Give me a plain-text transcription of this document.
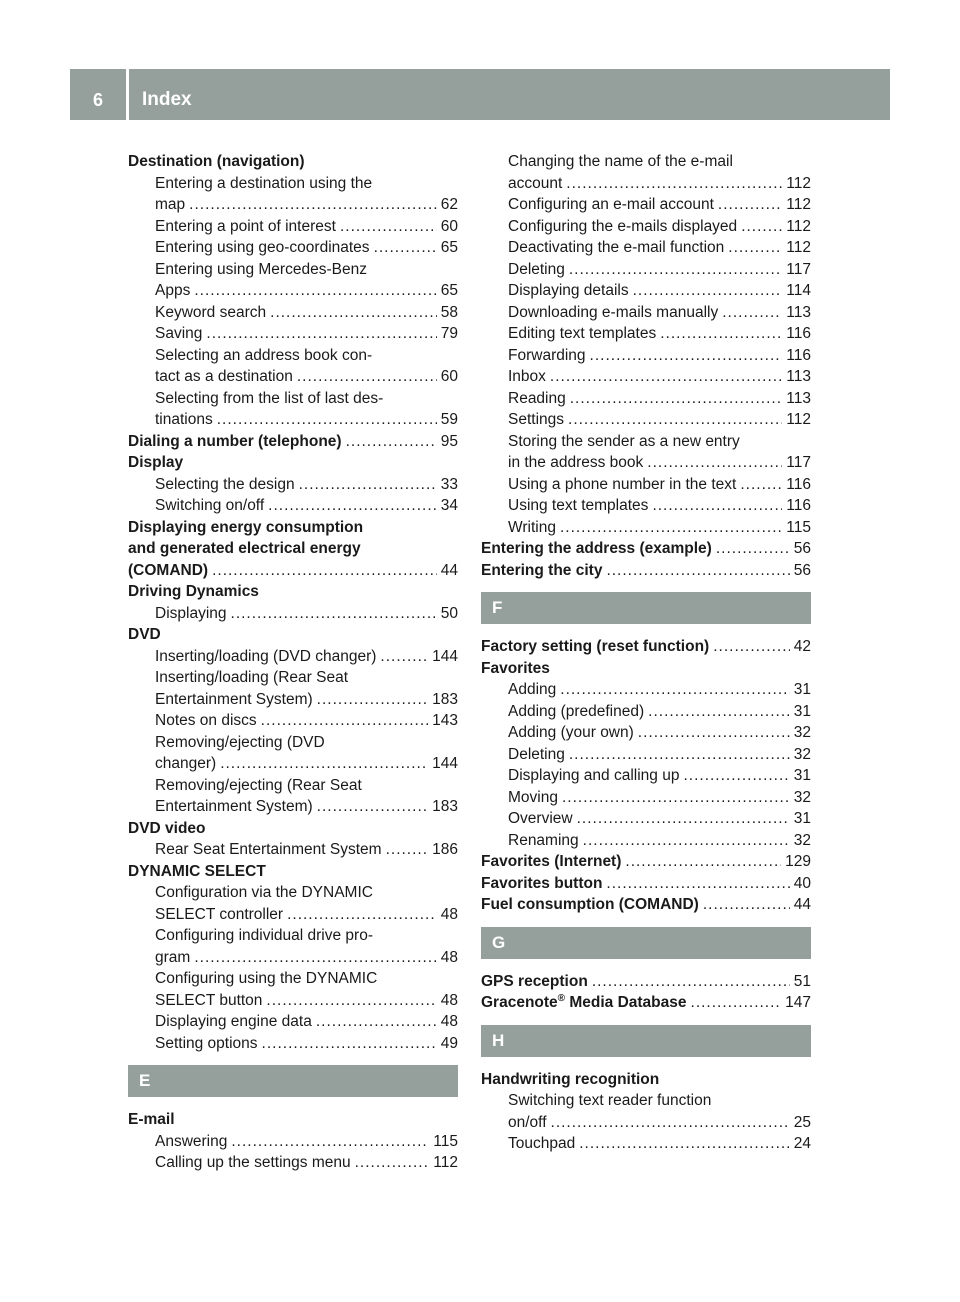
6	Index
Destination (navigation)
Entering a destination using the
map .....	62
Entering a point of interest .....	60
Entering using geo-coordinates .....	65
Entering using Mercedes-Benz
Apps .....	65
Keyword search .....	58
Saving .....	79
Selecting an address book con-
tact as a destination .....	60
Selecting from the list of last des-
tinations .....	59
Dialing a number (telephone) .....	95
Display
Selecting the design .....	33
Switching on/off .....	34
Displaying energy consumption
and generated electrical energy
(COMAND) .....	44
Driving Dynamics
Displaying .....	50
DVD
Inserting/loading (DVD changer) .....	144
Inserting/loading (Rear Seat
Entertainment System) .....	183
Notes on discs .....	143
Removing/ejecting (DVD
changer) .....	144
Removing/ejecting (Rear Seat
Entertainment System) .....	183
DVD video
Rear Seat Entertainment System .....	186
DYNAMIC SELECT
Configuration via the DYNAMIC
SELECT controller .....	48
Configuring individual drive pro-
gram .....	48
Configuring using the DYNAMIC
SELECT button .....	48
Displaying engine data .....	48
Setting options .....	49
E
E-mail
Answering .....	115
Calling up the settings menu .....	112
Changing the name of the e-mail
account .....	112
Configuring an e-mail account .....	112
Configuring the e-mails displayed .....	112
Deactivating the e-mail function .....	112
Deleting .....	117
Displaying details .....	114
Downloading e-mails manually .....	113
Editing text templates .....	116
Forwarding .....	116
Inbox .....	113
Reading .....	113
Settings .....	112
Storing the sender as a new entry
in the address book .....	117
Using a phone number in the text .....	116
Using text templates .....	116
Writing .....	115
Entering the address (example) .....	56
Entering the city .....	56
F
Factory setting (reset function) .....	42
Favorites
Adding .....	31
Adding (predefined) .....	31
Adding (your own) .....	32
Deleting .....	32
Displaying and calling up .....	31
Moving .....	32
Overview .....	31
Renaming .....	32
Favorites (Internet) .....	129
Favorites button .....	40
Fuel consumption (COMAND) .....	44
G
GPS reception .....	51
Gracenote® Media Database .....	147
H
Handwriting recognition
Switching text reader function
on/off .....	25
Touchpad .....	24
